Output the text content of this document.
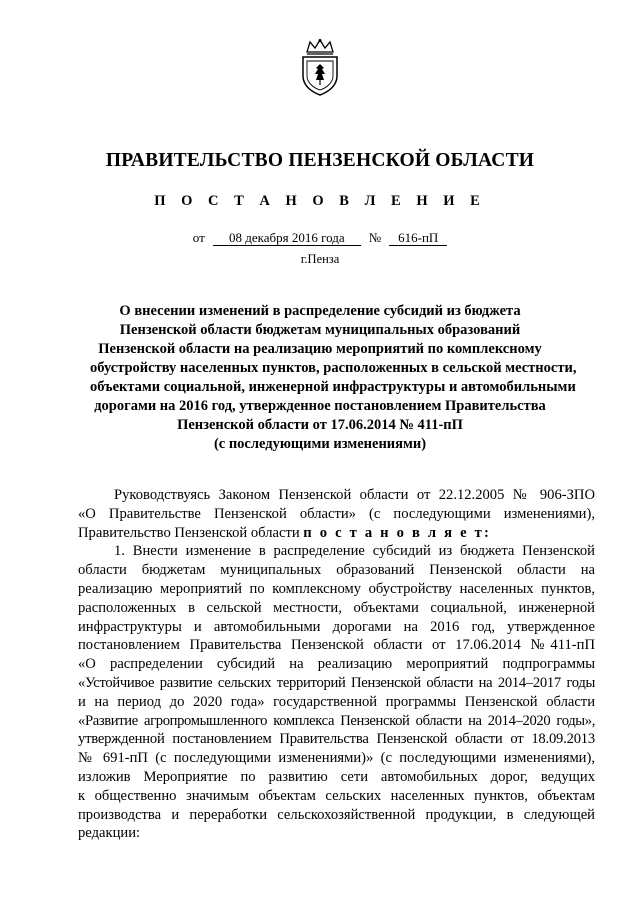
ПРАВИТЕЛЬСТВО ПЕНЗЕНСКОЙ ОБЛАСТИ
П О С Т А Н О В Л Е Н И Е
от 08 декабря 2016 года № 616-пП
г.Пенза
О внесении изменений в распределение субсидий из бюджета
Пензенской области бюджетам муниципальных образований
Пензенской области на реализацию мероприятий по комплексному
обустройству населенных пунктов, расположенных в сельской местности,
объектами социальной, инженерной инфраструктуры и автомобильными
дорогами на 2016 год, утвержденное постановлением Правительства
Пензенской области от 17.06.2014 № 411-пП
(с последующими изменениями)
Руководствуясь Законом Пензенской области от 22.12.2005 № 906-ЗПО
«О Правительстве Пензенской области» (с последующими изменениями),
Правительство Пензенской области п о с т а н о в л я е т:
1. Внести изменение в распределение субсидий из бюджета Пензенской
области бюджетам муниципальных образований Пензенской области на
реализацию мероприятий по комплексному обустройству населенных пунктов,
расположенных в сельской местности, объектами социальной, инженерной
инфраструктуры и автомобильными дорогами на 2016 год, утвержденное
постановлением Правительства Пензенской области от 17.06.2014 №411-пП
«О распределении субсидий на реализацию мероприятий подпрограммы
«Устойчивое развитие сельских территорий Пензенской области на 2014–2017 годы
и на период до 2020 года» государственной программы Пензенской области
«Развитие агропромышленного комплекса Пензенской области на 2014–2020 годы»,
утвержденной постановлением Правительства Пензенской области от 18.09.2013
№ 691-пП (с последующими изменениями)» (с последующими изменениями),
изложив Мероприятие по развитию сети автомобильных дорог, ведущих
к общественно значимым объектам сельских населенных пунктов, объектам
производства и переработки сельскохозяйственной продукции, в следующей
редакции:
